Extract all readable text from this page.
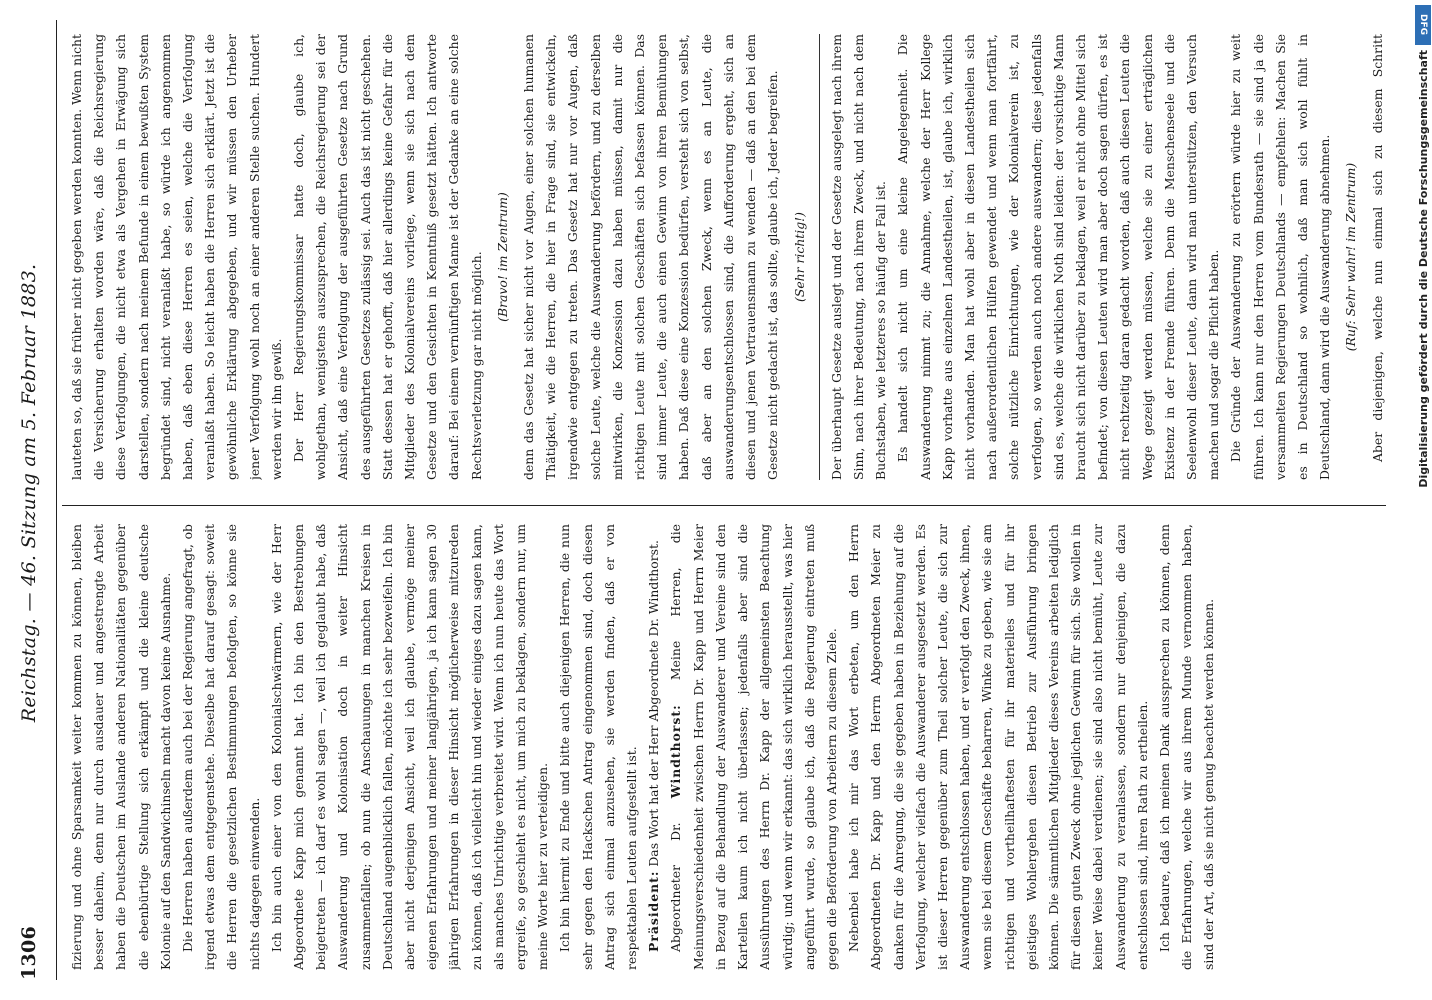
1306
Reichstag. — 46. Sitzung am 5. Februar 1883.

fizierung und ohne Sparsamkeit weiter kommen zu können, bleiben besser daheim, denn nur durch ausdauer und angestrengte Arbeit haben die Deutschen im Auslande anderen Nationalitäten gegenüber die ebenbürtige Stellung sich erkämpft und die kleine deutsche Kolonie auf den Sandwichinseln macht davon keine Ausnahme. Die Herren haben außerdem auch bei der Regierung angefragt, ob irgend etwas dem entgegenstehe. Dieselbe hat darauf gesagt: soweit die Herren die gesetzlichen Bestimmungen befolgten, so könne sie nichts dagegen einwenden. Ich bin auch einer von den Kolonialschwärmern, wie der Herr Abgeordnete Kapp mich genannt hat. Ich bin den Bestrebungen beigetreten — ich darf es wohl sagen —, weil ich geglaubt habe, daß Auswanderung und Kolonisation doch in weiter Hinsicht zusammenfallen; ob nun die Anschauungen in manchen Kreisen in Deutschland augenblicklich fallen, möchte ich sehr bezweifeln. Ich bin aber nicht derjenigen Ansicht, weil ich glaube, vermöge meiner eigenen Erfahrungen und meiner langjährigen, ja ich kann sagen 30 jährigen Erfahrungen in dieser Hinsicht möglicherweise mitzureden zu können, daß ich vielleicht hin und wieder einiges dazu sagen kann, als manches Unrichtige verbreitet wird. Wenn ich nun heute das Wort ergreife, so geschieht es nicht, um mich zu beklagen, sondern nur, um meine Worte hier zu verteidigen. Ich bin hiermit zu Ende und bitte auch diejenigen Herren, die nun sehr gegen den Hackschen Antrag eingenommen sind, doch diesen Antrag sich einmal anzusehen, sie werden finden, daß er von respektablen Leuten aufgestellt ist. Präsident: Das Wort hat der Herr Abgeordnete Dr. Windthorst.

Abgeordneter Dr. Windthorst: Meine Herren, die Meinungsverschiedenheit zwischen Herrn Dr. Kapp und Herrn Meier in Bezug auf die Behandlung der Auswanderer und Vereine sind den Kartellen kaum ich nicht überlassen; jedenfalls aber sind die Aussührungen des Herrn Dr. Kapp der allgemeinsten Beachtung würdig; und wenn wir erkannt: das sich wirklich herausstellt, was hier angeführt wurde, so glaube ich, daß die Regierung eintreten muß gegen die Beförderung von Arbeitern zu diesem Ziele. Nebenbei habe ich mir das Wort erbeten, um den Herrn Abgeordneten Dr. Kapp und den Herrn Abgeordneten Meier zu danken für die Anregung, die sie gegeben haben in Beziehung auf die Verfolgung, welcher vielfach die Auswanderer ausgesetzt werden. Es ist dieser Herren gegenüber zum Theil solcher Leute, die sich zur Auswanderung entschlossen haben, und er verfolgt den Zweck, ihnen, wenn sie bei diesem Geschäfte beharren, Winke zu geben, wie sie am richtigen und vortheilhaftesten für ihr materielles und für ihr geistiges Wohlergehen diesen Betrieb zur Ausführung bringen können. Die sämmtlichen Mitglieder dieses Vereins arbeiten lediglich für diesen guten Zweck ohne jeglichen Gewinn für sich. Sie wollen in keiner Weise dabei verdienen; sie sind also nicht bemüht, Leute zur Auswanderung zu veranlassen, sondern nur denjenigen, die dazu entschlossen sind, ihren Rath zu ertheilen. Ich bedaure, daß ich meinen Dank aussprechen zu können, denn die Erfahrungen, welche wir aus ihrem Munde vernommen haben, sind der Art, daß sie nicht genug beachtet werden können.

lauteten so, daß sie früher nicht gegeben werden konnten. Wenn nicht die Versicherung erhalten worden wäre, daß die Reichsregierung diese Verfolgungen, die nicht etwa als Vergehen in Erwägung sich darstellen, sondern nach meinem Befunde in einem bewußten System begründet sind, nicht veranlaßt habe, so würde ich angenommen haben, daß eben diese Herren es seien, welche die Verfolgung veranlaßt haben. So leicht haben die Herren sich erklärt. Jetzt ist die gewöhnliche Erklärung abgegeben, und wir müssen den Urheber jener Verfolgung wohl noch an einer anderen Stelle suchen. Hundert werden wir ihn gewiß. Der Herr Regierungskommissar hatte doch, glaube ich, wohlgethan, wenigstens auszusprechen, die Reichsregierung sei der Ansicht, daß eine Verfolgung der ausgeführten Gesetze nach Grund des ausgeführten Gesetzes zulässig sei. Auch das ist nicht geschehen. Statt dessen hat er gehofft, daß hier allerdings keine Gefahr für die Mitglieder des Kolonialvereins vorliege, wenn sie sich nach dem Gesetze und den Gesichten in Kenntniß gesetzt hätten. Ich antworte darauf: Bei einem vernünftigen Manne ist der Gedanke an eine solche Rechtsverletzung gar nicht möglich. (Bravo! im Zentrum) denn das Gesetz hat sicher nicht vor Augen, einer solchen humanen Thätigkeit, wie die Herren, die hier in Frage sind, sie entwickeln, irgendwie entgegen zu treten. Das Gesetz hat nur vor Augen, daß solche Leute, welche die Auswanderung befördern, und zu derselben mitwirken, die Konzession dazu haben müssen, damit nur die richtigen Leute mit solchen Geschäften sich befassen können. Das sind immer Leute, die auch einen Gewinn von ihren Bemühungen haben. Daß diese eine Konzession bedürfen, versteht sich von selbst, daß aber an den solchen Zweck, wenn es an Leute, die auswanderungsentschlossen sind, die Aufforderung ergeht, sich an diesen und jenen Vertrauensmann zu wenden — daß an den bei dem Gesetze nicht gedacht ist, das sollte, glaube ich, Jeder begreifen. (Sehr richtig!)	Der überhaupt Gesetze auslegt und der Gesetze ausgelegt nach ihrem Sinn, nach ihrer Bedeutung, nach ihrem Zweck, und nicht nach dem Buchstaben, wie letzteres so häufig der Fall ist. Es handelt sich nicht um eine kleine Angelegenheit. Die Auswanderung nimmt zu; die Annahme, welche der Herr Kollege Kapp vorhatte aus einzelnen Landestheilen, ist, glaube ich, wirklich nicht vorhanden. Man hat wohl aber in diesen Landestheilen sich nach außerordentlichen Hülfen gewendet und wenn man fortfährt, solche nützliche Einrichtungen, wie der Kolonialverein ist, zu verfolgen, so werden auch noch andere auswandern; diese jedenfalls sind es, welche die wirklichen Noth sind leiden: der vorsichtige Mann braucht sich nicht darüber zu beklagen, weil er nicht ohne Mittel sich befindet; von diesen Leuten wird man aber doch sagen dürfen, es ist nicht rechtzeitig daran gedacht worden, daß auch diesen Leuten die Wege gezeigt werden müssen, welche sie zu einer erträglichen Existenz in der Fremde führen. Denn die Menschenseele und die Seelenwohl dieser Leute, dann wird man unterstützen, den Versuch machen und sogar die Pflicht haben. Die Gründe der Auswanderung zu erörtern würde hier zu weit führen. Ich kann nur den Herren vom Bundesrath — sie sind ja die versammelten Regierungen Deutschlands — empfehlen: Machen Sie es in Deutschland so wohnlich, daß man sich wohl fühlt in Deutschland, dann wird die Auswanderung abnehmen. (Ruf: Sehr wahr! im Zentrum)

Aber diejenigen, welche nun einmal sich zu diesem Schritt

DFG
Digitalisierung gefördert durch die Deutsche Forschungsgemeinschaft
